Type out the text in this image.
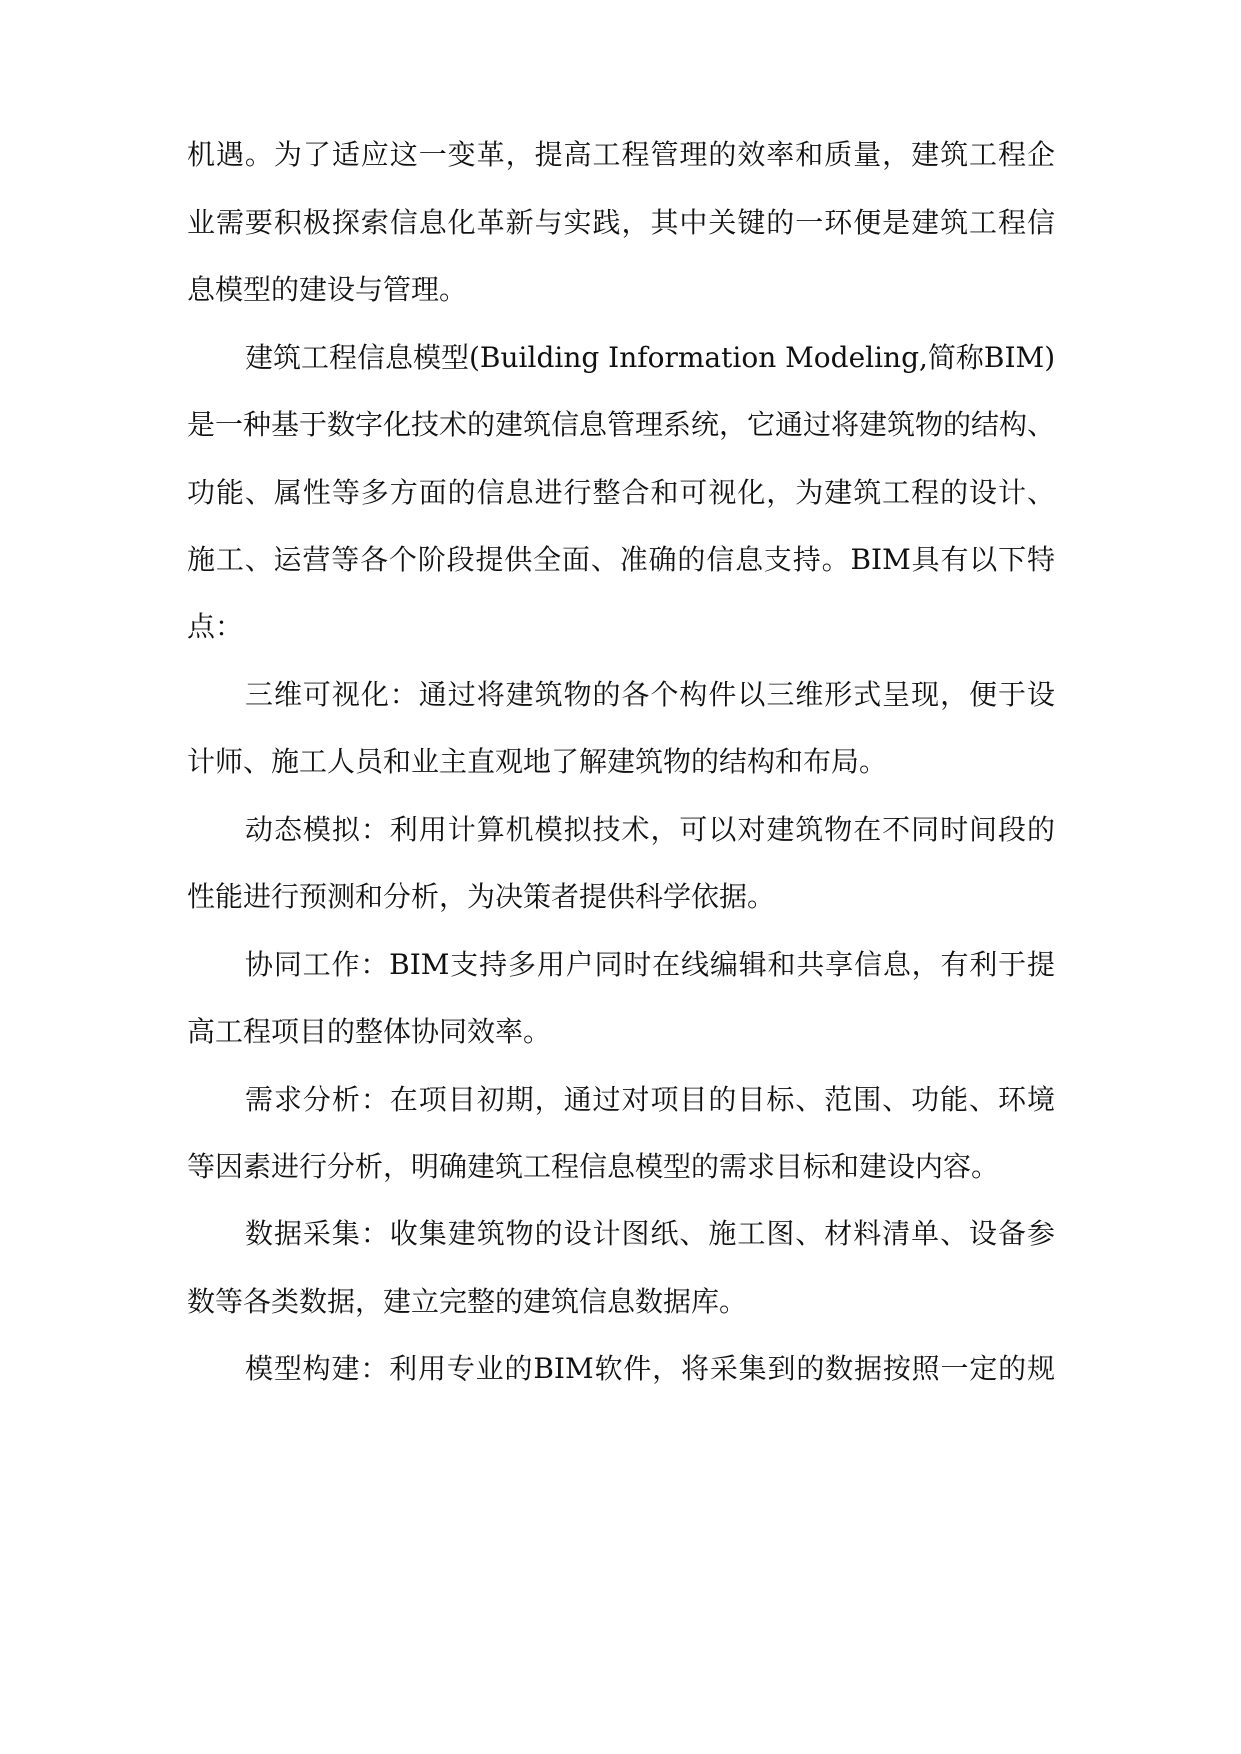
机遇。为了适应这一变革，提高工程管理的效率和质量，建筑工程企
业需要积极探索信息化革新与实践，其中关键的一环便是建筑工程信
息模型的建设与管理。
建筑工程信息模型(Building Information Modeling,简称BIM)
是一种基于数字化技术的建筑信息管理系统，它通过将建筑物的结构、
功能、属性等多方面的信息进行整合和可视化，为建筑工程的设计、
施工、运营等各个阶段提供全面、准确的信息支持。BIM具有以下特
点：
三维可视化：通过将建筑物的各个构件以三维形式呈现，便于设
计师、施工人员和业主直观地了解建筑物的结构和布局。
动态模拟：利用计算机模拟技术，可以对建筑物在不同时间段的
性能进行预测和分析，为决策者提供科学依据。
协同工作：BIM支持多用户同时在线编辑和共享信息，有利于提
高工程项目的整体协同效率。
需求分析：在项目初期，通过对项目的目标、范围、功能、环境
等因素进行分析，明确建筑工程信息模型的需求目标和建设内容。
数据采集：收集建筑物的设计图纸、施工图、材料清单、设备参
数等各类数据，建立完整的建筑信息数据库。
模型构建：利用专业的BIM软件，将采集到的数据按照一定的规
